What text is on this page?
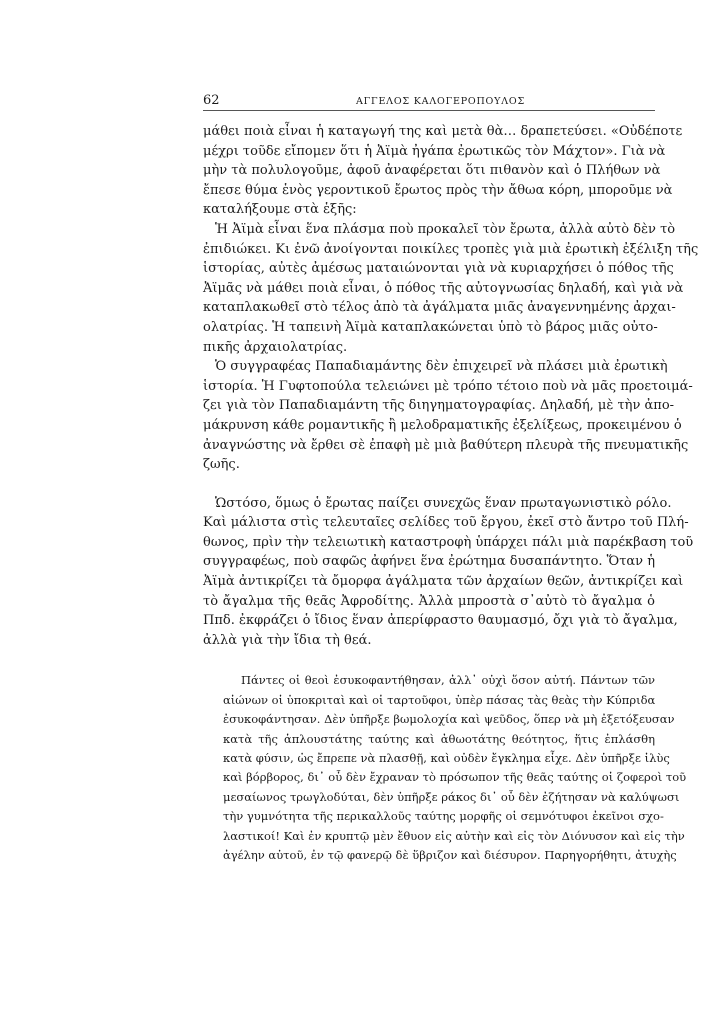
62	ΑΓΓΕΛΟΣ ΚΑΛΟΓΕΡΟΠΟΥΛΟΣ

μάθει ποιὰ εἶναι ἡ καταγωγή της καὶ μετὰ θὰ… δραπετεύσει. «Οὐδέποτε
μέχρι τοῦδε εἴπομεν ὅτι ἡ Ἀϊμὰ ἠγάπα ἐρωτικῶς τὸν Μάχτον». Γιὰ νὰ
μὴν τὰ πολυλογοῦμε, ἀφοῦ ἀναφέρεται ὅτι πιθανὸν καὶ ὁ Πλήθων νὰ
ἔπεσε θύμα ἑνὸς γεροντικοῦ ἔρωτος πρὸς τὴν ἄθωα κόρη, μποροῦμε νὰ
καταλήξουμε στὰ ἑξῆς:

Ἡ Ἀϊμὰ εἶναι ἕνα πλάσμα ποὺ προκαλεῖ τὸν ἔρωτα, ἀλλὰ αὐτὸ δὲν τὸ
ἐπιδιώκει. Κι ἐνῶ ἀνοίγονται ποικίλες τροπὲς γιὰ μιὰ ἐρωτικὴ ἐξέλιξη τῆς
ἱστορίας, αὐτὲς ἀμέσως ματαιώνονται γιὰ νὰ κυριαρχήσει ὁ πόθος τῆς
Ἀϊμᾶς νὰ μάθει ποιὰ εἶναι, ὁ πόθος τῆς αὐτογνωσίας δηλαδή, καὶ γιὰ νὰ
καταπλακωθεῖ στὸ τέλος ἀπὸ τὰ ἀγάλματα μιᾶς ἀναγεννημένης ἀρχαι-
ολατρίας. Ἡ ταπεινὴ Ἀϊμὰ καταπλακώνεται ὑπὸ τὸ βάρος μιᾶς οὐτο-
πικῆς ἀρχαιολατρίας.

Ὁ συγγραφέας Παπαδιαμάντης δὲν ἐπιχειρεῖ νὰ πλάσει μιὰ ἐρωτικὴ
ἱστορία. Ἡ Γυφτοπούλα τελειώνει μὲ τρόπο τέτοιο ποὺ νὰ μᾶς προετοιμά-
ζει γιὰ τὸν Παπαδιαμάντη τῆς διηγηματογραφίας. Δηλαδή, μὲ τὴν ἀπο-
μάκρυνση κάθε ρομαντικῆς ἢ μελοδραματικῆς ἐξελίξεως, προκειμένου ὁ
ἀναγνώστης νὰ ἔρθει σὲ ἐπαφὴ μὲ μιὰ βαθύτερη πλευρὰ τῆς πνευματικῆς
ζωῆς.

Ὡστόσο, ὅμως ὁ ἔρωτας παίζει συνεχῶς ἕναν πρωταγωνιστικὸ ρόλο.
Καὶ μάλιστα στὶς τελευταῖες σελίδες τοῦ ἔργου, ἐκεῖ στὸ ἄντρο τοῦ Πλή-
θωνος, πρὶν τὴν τελειωτικὴ καταστροφὴ ὑπάρχει πάλι μιὰ παρέκβαση τοῦ
συγγραφέως, ποὺ σαφῶς ἀφήνει ἕνα ἐρώτημα δυσαπάντητο. Ὅταν ἡ
Ἀϊμὰ ἀντικρίζει τὰ ὄμορφα ἀγάλματα τῶν ἀρχαίων θεῶν, ἀντικρίζει καὶ
τὸ ἄγαλμα τῆς θεᾶς Ἀφροδίτης. Ἀλλὰ μπροστὰ σ᾽αὐτὸ τὸ ἄγαλμα ὁ
Ππδ. ἐκφράζει ὁ ἴδιος ἕναν ἀπερίφραστο θαυμασμό, ὄχι γιὰ τὸ ἄγαλμα,
ἀλλὰ γιὰ τὴν ἴδια τὴ θεά.

Πάντες οἱ θεοὶ ἐσυκοφαντήθησαν, ἀλλ᾽ οὐχὶ ὅσον αὐτή. Πάντων τῶν
αἰώνων οἱ ὑποκριταὶ καὶ οἱ ταρτοῦφοι, ὑπὲρ πάσας τὰς θεὰς τὴν Κύπριδα
ἐσυκοφάντησαν. Δὲν ὑπῆρξε βωμολοχία καὶ ψεῦδος, ὅπερ νὰ μὴ ἐξετόξευσαν
κατὰ τῆς ἁπλουστάτης ταύτης καὶ ἀθωοτάτης θεότητος, ἥτις ἐπλάσθη
κατὰ φύσιν, ὡς ἔπρεπε νὰ πλασθῇ, καὶ οὐδὲν ἔγκλημα εἶχε. Δὲν ὑπῆρξε ἰλὺς
καὶ βόρβορος, δι᾽ οὗ δὲν ἔχραναν τὸ πρόσωπον τῆς θεᾶς ταύτης οἱ ζοφεροὶ τοῦ
μεσαίωνος τρωγλοδύται, δὲν ὑπῆρξε ράκος δι᾽ οὗ δὲν ἐζήτησαν νὰ καλύψωσι
τὴν γυμνότητα τῆς περικαλλοῦς ταύτης μορφῆς οἱ σεμνότυφοι ἐκεῖνοι σχο-
λαστικοί! Καὶ ἐν κρυπτῷ μὲν ἔθυον εἰς αὐτὴν καὶ εἰς τὸν Διόνυσον καὶ εἰς τὴν
ἀγέλην αὐτοῦ, ἐν τῷ φανερῷ δὲ ὕβριζον καὶ διέσυρον. Παρηγορήθητι, ἀτυχὴς
